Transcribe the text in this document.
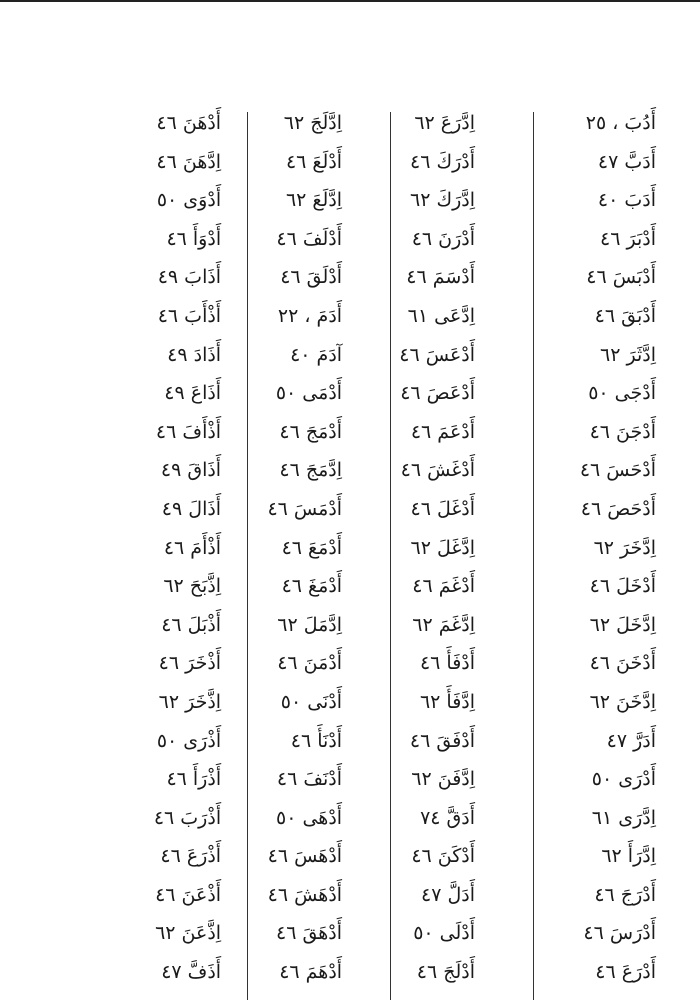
أَدُبَ ، ٢٥
أَدَبَّ ٤٧
أَدَبَ ٤٠
أَدْبَرَ ٤٦
أَدْبَسَ ٤٦
أَدْبَقَ ٤٦
اِدَّثَرَ ٦٢
أَدْجَى ٥٠
أَدْجَنَ ٤٦
أَدْحَسَ ٤٦
أَدْحَصَ ٤٦
اِدَّخَرَ ٦٢
أَدْخَلَ ٤٦
اِدَّخَلَ ٦٢
أَدْخَنَ ٤٦
اِدَّخَنَ ٦٢
أَدَرَّ ٤٧
أَدْرَى ٥٠
اِدَّرَى ٦١
اِدَّرَأَ ٦٢
أَدْرَجَ ٤٦
أَدْرَسَ ٤٦
أَدْرَعَ ٤٦
اِدَّرَعَ ٦٢
أَدْرَكَ ٤٦
اِدَّرَكَ ٦٢
أَدْرَنَ ٤٦
أَدْسَمَ ٤٦
اِدَّعَى ٦١
أَدْعَسَ ٤٦
أَدْعَصَ ٤٦
أَدْعَمَ ٤٦
أَدْغَشَ ٤٦
أَدْغَلَ ٤٦
اِدَّغَلَ ٦٢
أَدْغَمَ ٤٦
اِدَّغَمَ ٦٢
أَدْفَأَ ٤٦
اِدَّفَأَ ٦٢
أَدْفَقَ ٤٦
اِدَّفَنَ ٦٢
أَدَقَّ ٧٤
أَدْكَنَ ٤٦
أَدَلَّ ٤٧
أَدْلَى ٥٠
أَدْلَجَ ٤٦
اِدَّلَجَ ٦٢
أَدْلَعَ ٤٦
اِدَّلَعَ ٦٢
أَدْلَفَ ٤٦
أَدْلَقَ ٤٦
أَدَمَ ، ٢٢
آدَمَ ٤٠
أَدْمَى ٥٠
أَدْمَجَ ٤٦
اِدَّمَجَ ٤٦
أَدْمَسَ ٤٦
أَدْمَعَ ٤٦
أَدْمَغَ ٤٦
اِدَّمَلَ ٦٢
أَدْمَنَ ٤٦
أَدْنَى ٥٠
أَدْنَأَ ٤٦
أَدْنَفَ ٤٦
أَدْهَى ٥٠
أَدْهَسَ ٤٦
أَدْهَشَ ٤٦
أَدْهَقَ ٤٦
أَدْهَمَ ٤٦
أَدْهَنَ ٤٦
اِدَّهَنَ ٤٦
أَدْوَى ٥٠
أَدْوَأَ ٤٦
أَذَابَ ٤٩
أَذْأَبَ ٤٦
أَذَادَ ٤٩
أَذَاعَ ٤٩
أَذْأَفَ ٤٦
أَذَاقَ ٤٩
أَذَالَ ٤٩
أَذْأَمَ ٤٦
اِذَّبَحَ ٦٢
أَذْبَلَ ٤٦
أَذْخَرَ ٤٦
اِذَّخَرَ ٦٢
أَذْرَى ٥٠
أَذْرَأَ ٤٦
أَذْرَبَ ٤٦
أَذْرَعَ ٤٦
أَذْعَنَ ٤٦
اِذَّعَنَ ٦٢
أَذَفَّ ٤٧
